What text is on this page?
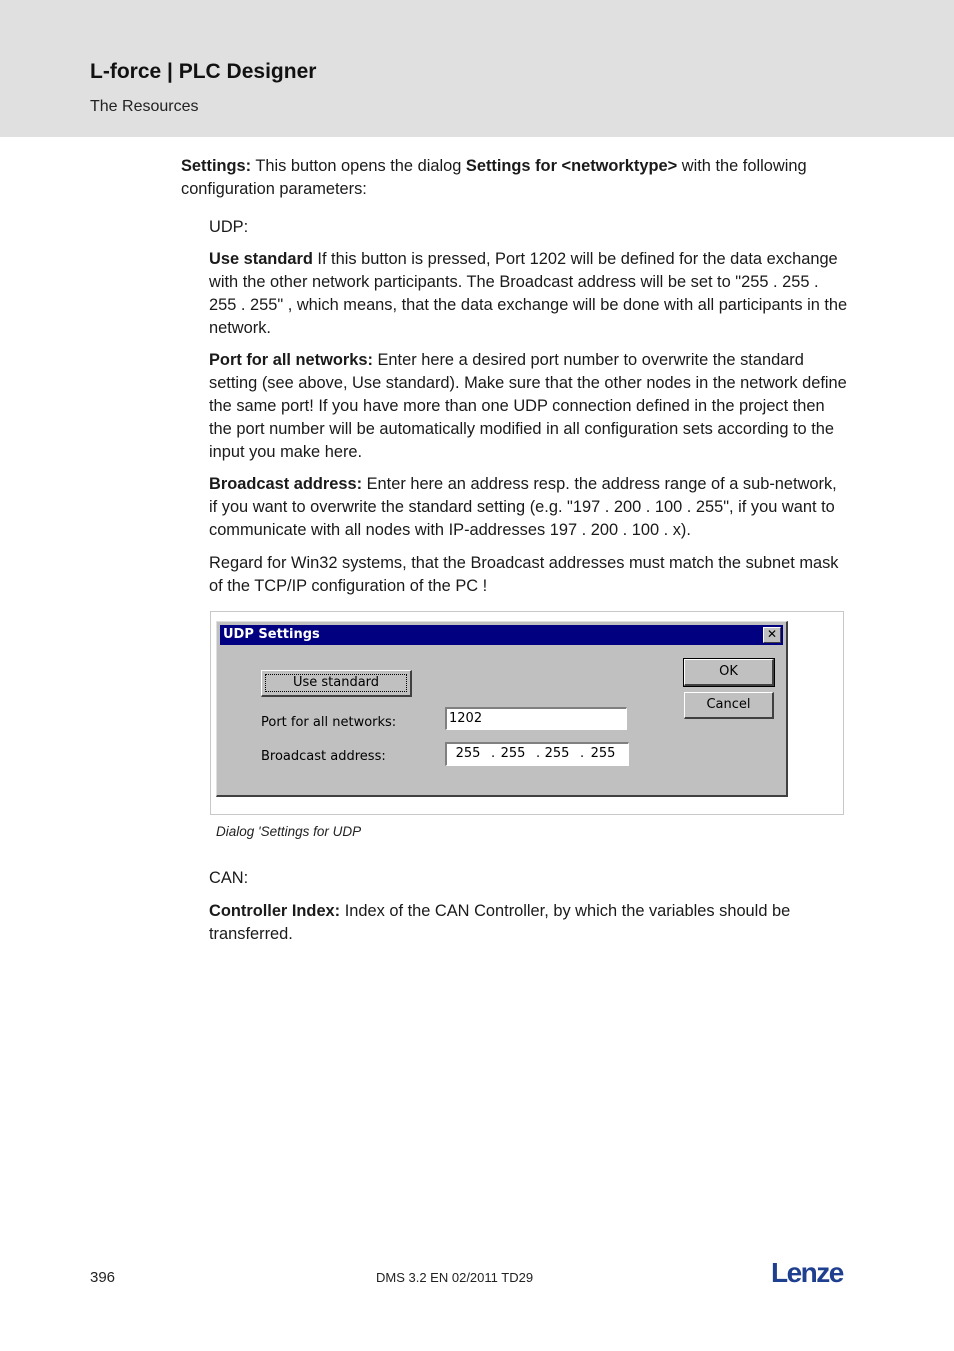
L-force | PLC Designer
The Resources

Settings: This button opens the dialog Settings for <networktype> with the following configuration parameters:

UDP:

Use standard If this button is pressed, Port 1202 will be defined for the data exchange with the other network participants. The Broadcast address will be set to "255 . 255 . 255 . 255" , which means, that the data exchange will be done with all participants in the network.

Port for all networks: Enter here a desired port number to overwrite the standard setting (see above, Use standard). Make sure that the other nodes in the network define the same port! If you have more than one UDP connection defined in the project then the port number will be automatically modified in all configuration sets according to the input you make here.

Broadcast address: Enter here an address resp. the address range of a sub-network, if you want to overwrite the standard setting (e.g. "197 . 200 . 100 . 255", if you want to communicate with all nodes with IP-addresses 197 . 200 . 100 . x).

Regard for Win32 systems, that the Broadcast addresses must match the subnet mask of the TCP/IP configuration of the PC !

UDP Settings	✕
Use standard
OK
Cancel
Port for all networks:	1202
Broadcast address:	255 . 255 . 255 . 255
Dialog 'Settings for UDP

CAN:

Controller Index: Index of the CAN Controller, by which the variables should be transferred.

396	DMS 3.2 EN 02/2011 TD29	Lenze
